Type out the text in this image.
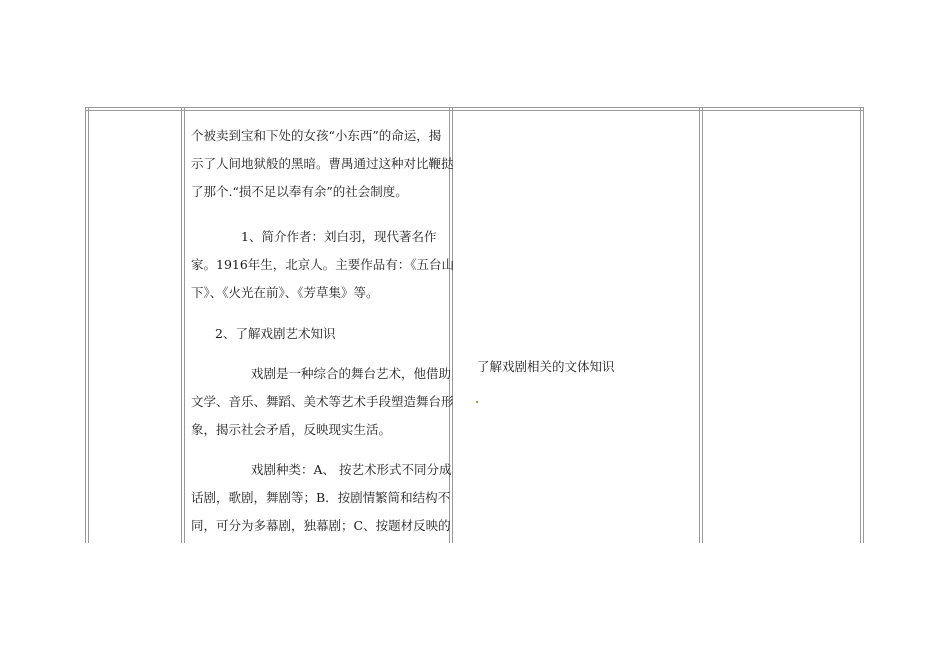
个被卖到宝和下处的女孩“小东西”的命运，揭
示了人间地狱般的黑暗。曹禺通过这种对比鞭挞
了那个.“损不足以奉有余”的社会制度。
1、简介作者：刘白羽，现代著名作
家。1916年生，北京人。主要作品有：《五台山
下》、《火光在前》、《芳草集》等。
2、了解戏剧艺术知识
戏剧是一种综合的舞台艺术，他借助
文学、音乐、舞蹈、美术等艺术手段塑造舞台形
象，揭示社会矛盾，反映现实生活。
戏剧种类：A、 按艺术形式不同分成
话剧，歌剧，舞剧等；B．按剧情繁简和结构不
同，可分为多幕剧，独幕剧；C、按题材反映的
了解戏剧相关的文体知识
